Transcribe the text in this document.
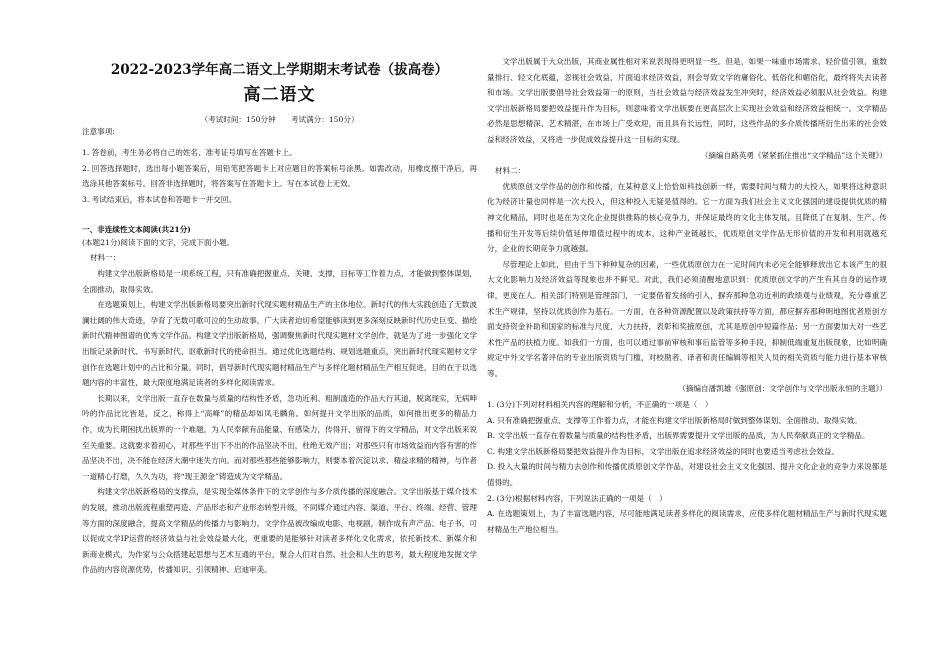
2022-2023学年高二语文上学期期末考试卷（拔高卷）
高二语文

（考试时间：150分钟　　考试满分：150分）

注意事项:

1. 答卷前，考生务必将自己的姓名、准考证号填写在答题卡上。

2. 回答选择题时，选出每小题答案后，用铅笔把答题卡上对应题目的答案标号涂黑。如需改动，用橡皮擦干净后，再选涂其他答案标号。回答非选择题时，将答案写在答题卡上。写在本试卷上无效。

3. 考试结束后，将本试卷和答题卡一并交回。

一、非连续性文本阅读(共21分)

(本题21分)阅读下面的文字，完成下面小题。

材料一：

构建文学出版新格局是一项系统工程，只有准确把握重点、关键、支撑，目标等工作着力点，才能做到整体谋划，全面推动，取得实效。

在选题策划上，构建文学出版新格局要突出新时代现实题材精品生产的主体地位。新时代的伟大实践创造了无数波澜壮阔的伟大奇迹，孕育了无数可歌可泣的生动故事，广大读者迫切希望能够读到更多深刻反映新时代历史巨变、描绘新时代精神图谱的优秀文学作品。构建文学出版新格局，强调聚焦新时代现实题材文学创作，就是为了进一步强化文学出版记录新时代、书写新时代、讴歌新时代的使命担当。通过优化选题结构、规划选题重点，突出新时代现实题材文学创作在选题计划中的占比和分量。同时，倡导新时代现实题材精品生产与多样化题材精品生产相互促进，目的在于以选题内容的丰富性，最大限度地满足读者的多样化阅读需求。

长期以来，文学出版一直存在数量与质量的结构性矛盾，急功近利、粗制滥造的作品大行其道，脱离现实，无病呻吟的作品比比皆是，反之，称得上“高峰”的精品却如凤毛麟角。如何提升文学出版的品质，如何推出更多的精品力作，成为长期困扰出版界的一个难题。为人民奉献有品能量、有感染力，传得开、留得下的文学精品，对文学出版来说至关重要。这就要求着初心，对那些平出下不出的作品坚决不出，杜绝无效产出；对那些只有市场效益而内容有害的作品坚决不出，决不能在经济大潮中迷失方向。而对那些那些能够影响力，则要本着沉淀以求、精益求精的精神，与作者一道精心打磨，久久为功，将“现王源金”铸造成为文学精品。

构建文学出版新格局的支撑点，是实现全媒体条件下的文学创作与多介质传播的深度融合。文学出版基于媒介技术的发展，推动出版流程重塑再造、产品形态和产业形态转型升级，不同媒介通过内容、渠道、平台、终端、经营、管理等方面的深度融合，提高文学精品的传播力与影响力。文学作品被改编成电影、电视剧，制作成有声产品、电子书，可以促成文学IP运营的经济效益与社会效益最大化，更重要的是能够针对读者多样化文化需求，依托新技术、新媒介和新商业模式，为作家与公众搭建起思想与艺术互通的平台，聚合人们对自然、社会和人生的思考，最大程度地发掘文学作品的内容资源优势，传播知识、引领精神、启迪审美。

文学出版属于大众出版，其商业属性相对来说表现得更明显一些。但是，如果一味重市场需求、轻价值引领，重数量排行、轻文化底蕴，忽视社会效益，片面追求经济效益，则会导致文学的庸俗化、低俗化和媚俗化，最终将失去读者和市场。文学出版要倡导社会效益第一的原则，当社会效益与经济效益发生冲突时，经济效益必须服从社会效益。构建文学出版新格局要把效益提升作为目标，则意味着文学出版要在更高层次上实现社会效益和经济效益相统一。文学精品必然是思想精深、艺术精湛，在市场上广受欢迎，而且具有长远性，同时，这些作品的多介质传播所衍生出来的社会效益和经济效益，又将进一步促成效益提升这一目标的实现。

（摘编自路英勇《紧紧抓住推出“文学精品”这个关键》）

材料二：

优质原创文学作品的创作和传播，在某种意义上恰恰如科技创新一样，需要时间与精力的大投入，如果将这种意识化为经济计量也同样是一次大投入，但这种投入无疑是值得的。它一方面为我们社会主义文化强国的建设提供优质的精神文化精品，同时也是在为文化企业提供推陈的核心竞争力，并保证最终的文化主体发展，且降低了在复制、生产、传播和衍生开发等后续价值延伸增值过程中的成本，这种产业链越长，优质原创文学作品无形价值的开发和利用就越充分，企业的长期竞争力就越强。

尽管理论上如此，但由于当下种种复杂的因素，一些优质原创力在一定时间内未必完全能够释放出它本该产生的很大文化影响力及经济效益等现象也并不鲜见。对此，我们必须清醒地意识到：优质原创文学的产生有其自身的运作规律，更庞在人。相关部门特别是管理部门，一定要借着发扬的引入，摒弃那种急功近利的政绩观与业绩观，充分尊重艺术生产规律，坚持以优质创作为基石。一方面，在各种资源配置以及政策扶持等方面，都应摒弃那种明地图优者原创方面支持资金补助和国家的标准与尺度，大力扶持，表彰和奖掖原创，尤其是原创中短篇作品；另一方面要加大对一些艺术性产品的扶植力度。如我们一方面，也可以通过事前审核和事后监管等多种手段，抑制低端重复出版现象，比如明确规定中外文学名著评估的专业出版资质与门槛，对校勘者、译者和责任编辑等相关人员的相关资质与能力进行基本审核等。

（摘编自潘凯雄《强原创：文学创作与文学出版永恒的主题》）

1. (3分)下列对材料相关内容的理解和分析，不正确的一项是（　）

A. 只有准确把握重点、支撑等工作着力点，才能在构建文学出版新格局时做到整体谋划、全面推动、取得实效。

B. 文学出版一直存在着数量与质量的结构性矛盾，出版界需要提升文学出版的品质，为人民奉献真正的文学精品。

C. 构建文学出版新格局要把效益提升作为目标，文学出版在追求经济效益的同时也要适当考虑社会效益。

D. 投入大量的时间与精力去创作和传播优质原创文学作品，对建设社会主义文化强国、提升文化企业的竞争力来说都是值得的。

2. (3分)根据材料内容，下列说法正确的一项是（　）

A. 在选题策划上，为了丰富选题内容，尽可能地满足读者多样化的阅读需求，应使多样化题材精品生产与新时代现实题材精品生产地位相当。
